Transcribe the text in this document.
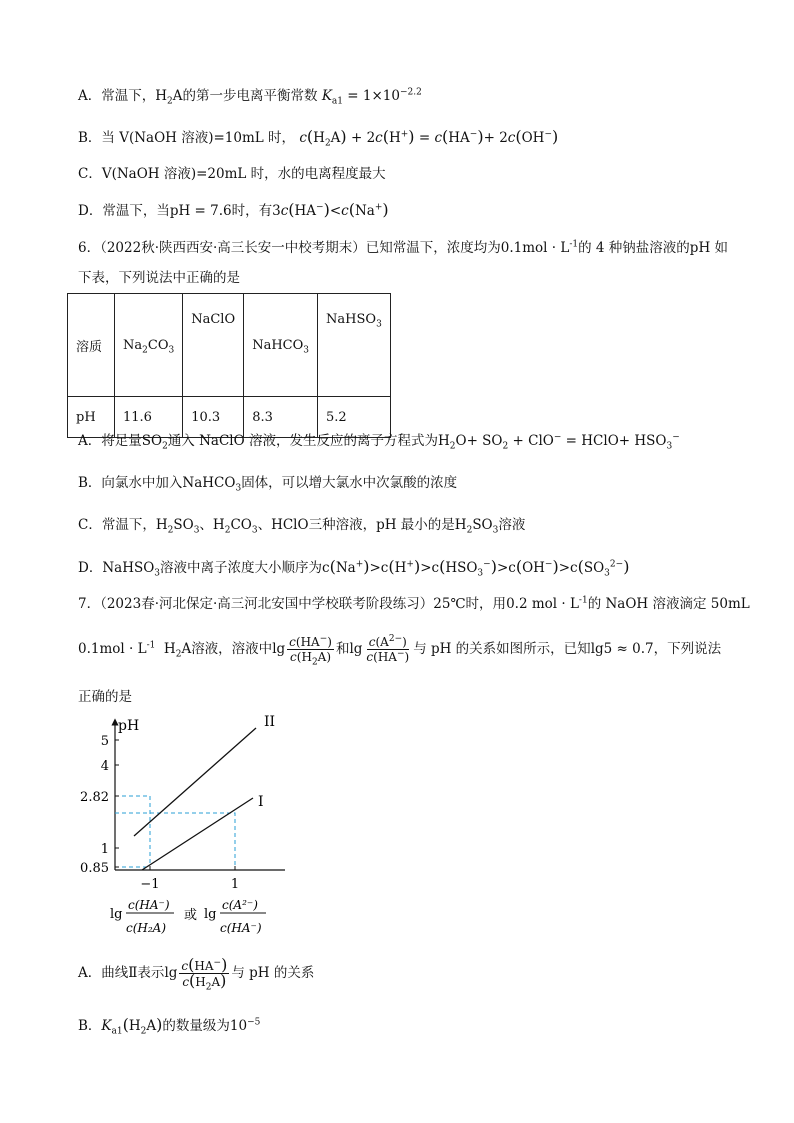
A．常温下，$H_2A$的第一步电离平衡常数 $K_{a1} = 1\times 10^{-2.2}$
B．当 V(NaOH 溶液)=10mL 时， $c(H_2A) + 2c(H^+) = c(HA^-)+ 2c(OH^-)$
C．V(NaOH 溶液)=20mL 时，水的电离程度最大
D．常温下，当pH = 7.6时，有3c(HA−)<c(Na+)
6．（2022秋·陕西西安·高三长安一中校考期末）已知常温下，浓度均为$0.1mol \cdot L^{-1}$的 4 种钠盐溶液的pH 如
下表，下列说法中正确的是
溶质	$Na_2CO_3$	NaClO	NaHCO$_3$	NaHSO$_3$
pH	11.6	10.3	8.3	5.2
A．将足量$SO_2$通入 NaClO 溶液，发生反应的离子方程式为$H_2O+ SO_2 + ClO^-$ = HClO+ $HSO_3^-$
B．向氯水中加入NaHCO$_3$固体，可以增大氯水中次氯酸的浓度
C．常温下，$H_2SO_3$、$H_2CO_3$、HClO三种溶液，pH 最小的是$H_2SO_3$溶液
D．NaHSO$_3$溶液中离子浓度大小顺序为$c(Na^+)>c(H^+)>c(HSO_3^-)>c(OH^-)>c(SO_3^{2-})$
7．（2023春·河北保定·高三河北安国中学校联考阶段练习）25℃时，用0.2 mol · $L^{-1}$的 NaOH 溶液滴定 50mL
$0.1mol \cdot L^{-1}$  $H_2A$溶液，溶液中$\lg \frac{c(HA^-)}{c(H_2A)}$ 和$\lg \frac{c(A^{2-})}{c(HA^-)}$ 与 pH 的关系如图所示，已知lg5 ≈ 0.7，下列说法
正确的是
II
I
5
4
2.82
1
0.85
−1	1
pH
lg
c(HA⁻)
c(H₂A)
或 lg
c(A²⁻)
c(HA⁻)
A．曲线Ⅱ表示$\lg \frac{c(HA^-)}{c(H_2A)}$ 与 pH 的关系
B．$K_{a1}(H_2A)$的数量级为$10^{-5}$
